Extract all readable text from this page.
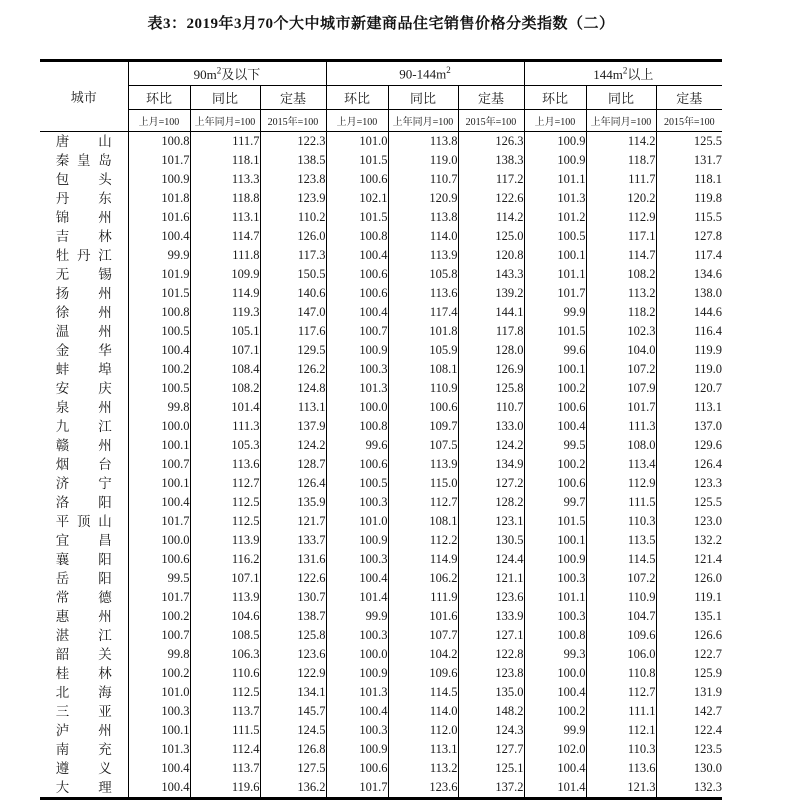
表3：2019年3月70个大中城市新建商品住宅销售价格分类指数（二）
城市	$90m^2$及以下			$90-144m^2$			$144m^2$以上		
	环比	同比	定基	环比	同比	定基	环比	同比	定基
	上月=100	上年同月=100	2015年=100	上月=100	上年同月=100	2015年=100	上月=100	上年同月=100	2015年=100
唐山	100.8	111.7	122.3	101.0	113.8	126.3	100.9	114.2	125.5
秦皇岛	101.7	118.1	138.5	101.5	119.0	138.3	100.9	118.7	131.7
包头	100.9	113.3	123.8	100.6	110.7	117.2	101.1	111.7	118.1
丹东	101.8	118.8	123.9	102.1	120.9	122.6	101.3	120.2	119.8
锦州	101.6	113.1	110.2	101.5	113.8	114.2	101.2	112.9	115.5
吉林	100.4	114.7	126.0	100.8	114.0	125.0	100.5	117.1	127.8
牡丹江	99.9	111.8	117.3	100.4	113.9	120.8	100.1	114.7	117.4
无锡	101.9	109.9	150.5	100.6	105.8	143.3	101.1	108.2	134.6
扬州	101.5	114.9	140.6	100.6	113.6	139.2	101.7	113.2	138.0
徐州	100.8	119.3	147.0	100.4	117.4	144.1	99.9	118.2	144.6
温州	100.5	105.1	117.6	100.7	101.8	117.8	101.5	102.3	116.4
金华	100.4	107.1	129.5	100.9	105.9	128.0	99.6	104.0	119.9
蚌埠	100.2	108.4	126.2	100.3	108.1	126.9	100.1	107.2	119.0
安庆	100.5	108.2	124.8	101.3	110.9	125.8	100.2	107.9	120.7
泉州	99.8	101.4	113.1	100.0	100.6	110.7	100.6	101.7	113.1
九江	100.0	111.3	137.9	100.8	109.7	133.0	100.4	111.3	137.0
赣州	100.1	105.3	124.2	99.6	107.5	124.2	99.5	108.0	129.6
烟台	100.7	113.6	128.7	100.6	113.9	134.9	100.2	113.4	126.4
济宁	100.1	112.7	126.4	100.5	115.0	127.2	100.6	112.9	123.3
洛阳	100.4	112.5	135.9	100.3	112.7	128.2	99.7	111.5	125.5
平顶山	101.7	112.5	121.7	101.0	108.1	123.1	101.5	110.3	123.0
宜昌	100.0	113.9	133.7	100.9	112.2	130.5	100.1	113.5	132.2
襄阳	100.6	116.2	131.6	100.3	114.9	124.4	100.9	114.5	121.4
岳阳	99.5	107.1	122.6	100.4	106.2	121.1	100.3	107.2	126.0
常德	101.7	113.9	130.7	101.4	111.9	123.6	101.1	110.9	119.1
惠州	100.2	104.6	138.7	99.9	101.6	133.9	100.3	104.7	135.1
湛江	100.7	108.5	125.8	100.3	107.7	127.1	100.8	109.6	126.6
韶关	99.8	106.3	123.6	100.0	104.2	122.8	99.3	106.0	122.7
桂林	100.2	110.6	122.9	100.9	109.6	123.8	100.0	110.8	125.9
北海	101.0	112.5	134.1	101.3	114.5	135.0	100.4	112.7	131.9
三亚	100.3	113.7	145.7	100.4	114.0	148.2	100.2	111.1	142.7
泸州	100.1	111.5	124.5	100.3	112.0	124.3	99.9	112.1	122.4
南充	101.3	112.4	126.8	100.9	113.1	127.7	102.0	110.3	123.5
遵义	100.4	113.7	127.5	100.6	113.2	125.1	100.4	113.6	130.0
大理	100.4	119.6	136.2	101.7	123.6	137.2	101.4	121.3	132.3
